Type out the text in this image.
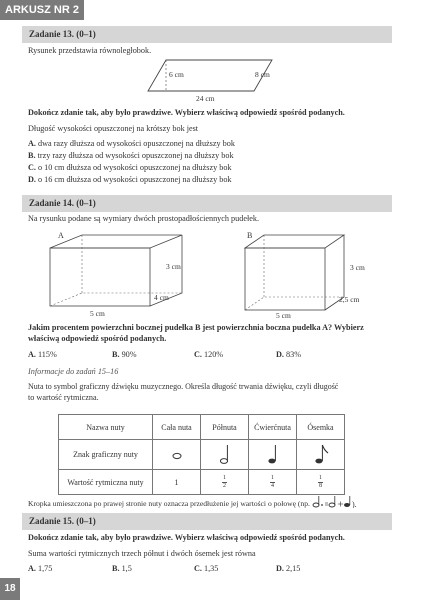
ARKUSZ NR 2
Zadanie 13. (0–1)
Rysunek przedstawia równoległobok.
6 cm	8 cm
24 cm
Dokończ zdanie tak, aby było prawdziwe. Wybierz właściwą odpowiedź spośród podanych.
Długość wysokości opuszczonej na krótszy bok jest
A. dwa razy dłuższa od wysokości opuszczonej na dłuższy bok
B. trzy razy dłuższa od wysokości opuszczonej na dłuższy bok
C. o 10 cm dłuższa od wysokości opuszczonej na dłuższy bok
D. o 16 cm dłuższa od wysokości opuszczonej na dłuższy bok
Zadanie 14. (0–1)
Na rysunku podane są wymiary dwóch prostopadłościennych pudełek.
A
3 cm
4 cm
5 cm
B
3 cm
2,5 cm
5 cm
Jakim procentem powierzchni bocznej pudełka B jest powierzchnia boczna pudełka A? Wybierz
właściwą odpowiedź spośród podanych.
A. 115%	B. 90%	C. 120%	D. 83%
Informacje do zadań 15–16
Nuta to symbol graficzny dźwięku muzycznego. Określa długość trwania dźwięku, czyli długość
to wartość rytmiczna.
Nazwa nuty	Cała nuta	Półnuta	Ćwierćnuta	Ósemka
Znak graficzny nuty				
Wartość rytmiczna nuty	1	$\frac{1}{2}$	$\frac{1}{4}$	$\frac{1}{8}$
Kropka umieszczona po prawej stronie nuty oznacza przedłużenie jej wartości o połowę (np.	).
Zadanie 15. (0–1)
Dokończ zdanie tak, aby było prawdziwe. Wybierz właściwą odpowiedź spośród podanych.
Suma wartości rytmicznych trzech półnut i dwóch ósemek jest równa
A. 1,75	B. 1,5	C. 1,35	D. 2,15
18
